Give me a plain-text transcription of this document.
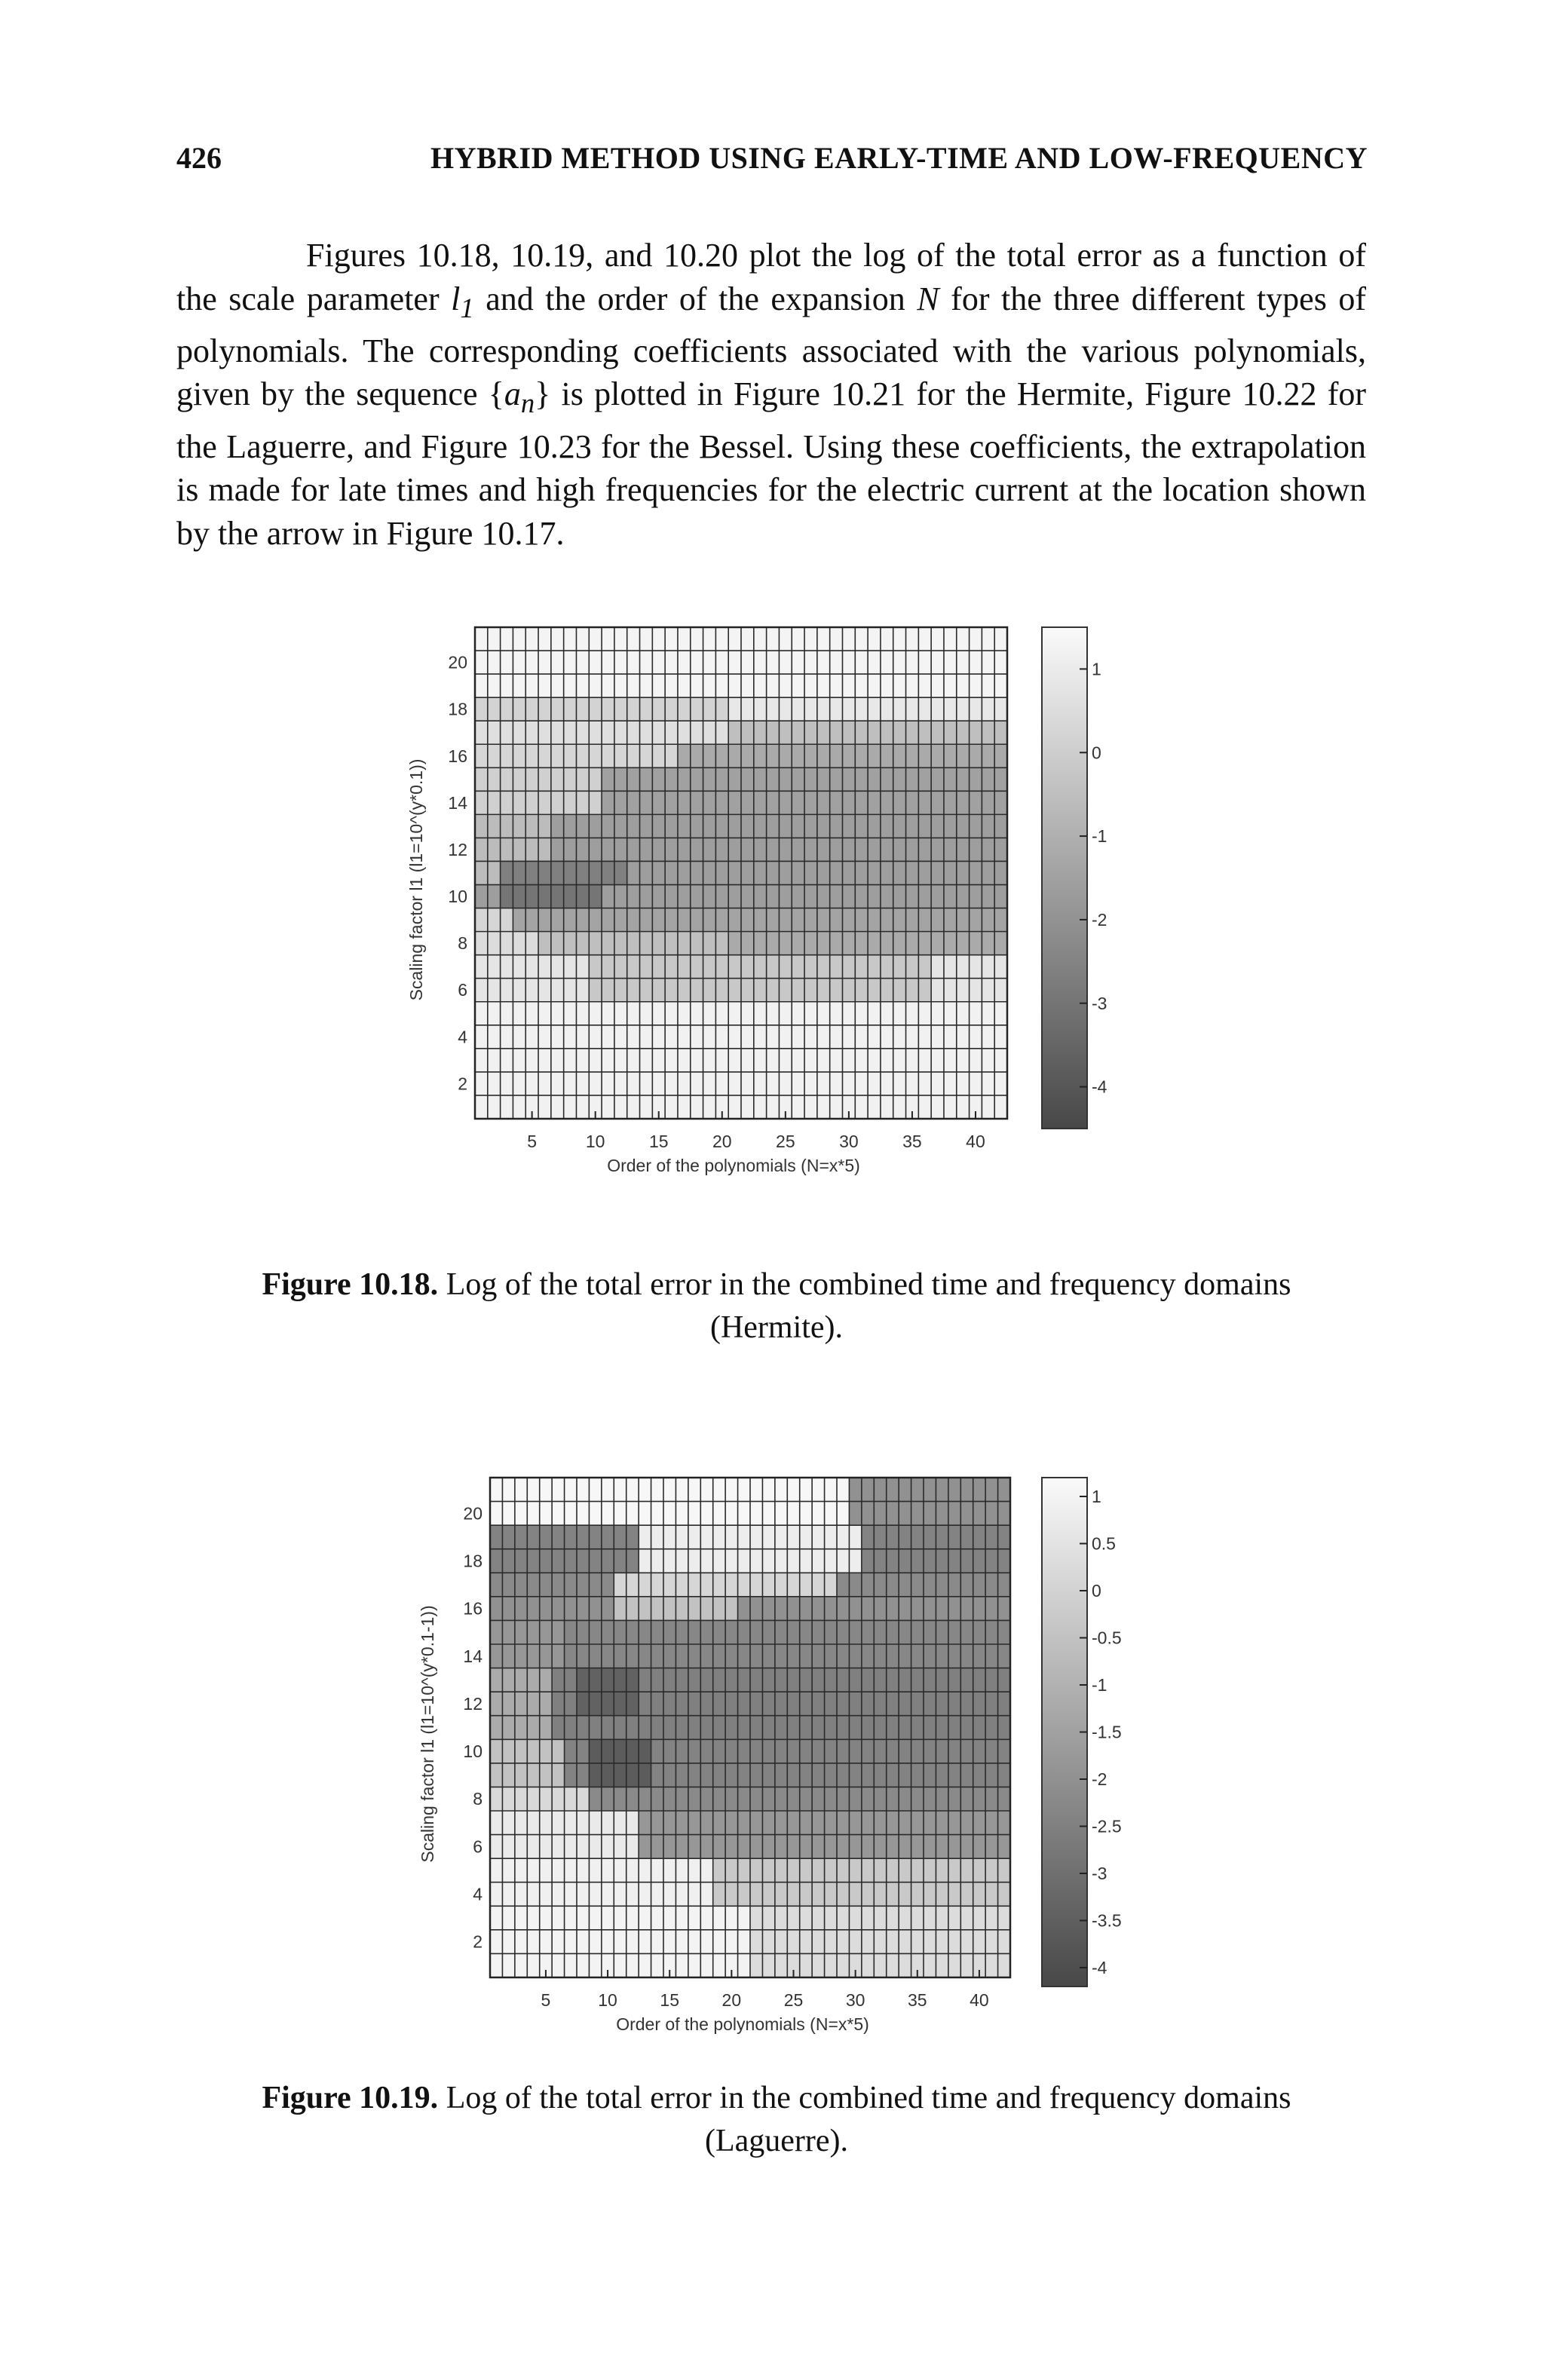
426	HYBRID METHOD USING EARLY-TIME AND LOW-FREQUENCY

Figures 10.18, 10.19, and 10.20 plot the log of the total error as a function of the scale parameter $l_1$ and the order of the expansion N for the three different types of polynomials. The corresponding coefficients associated with the various polynomials, given by the sequence $\{a_n\}$ is plotted in Figure 10.21 for the Hermite, Figure 10.22 for the Laguerre, and Figure 10.23 for the Bessel. Using these coefficients, the extrapolation is made for late times and high frequencies for the electric current at the location shown by the arrow in Figure 10.17.

5	10	15	20	25	30	35	40
2
4
6
8
10
12
14
16
18
20
Order of the polynomials (N=x*5)
Scaling factor l1 (l1=10^(y*0.1))
1
0
-1
-2
-3
-4
5	10 15 20 25 30 35 40
2
4
6
8
10
12
14
16
18
20
Order of the polynomials (N=x*5)
Scaling factor l1 (l1=10^(y*0.1-1))
1
0.5
0
-0.5
-1
-1.5
-2
-2.5
-3
-3.5
-4
Figure 10.18. Log of the total error in the combined time and frequency domains (Hermite).
Figure 10.19. Log of the total error in the combined time and frequency domains (Laguerre).
